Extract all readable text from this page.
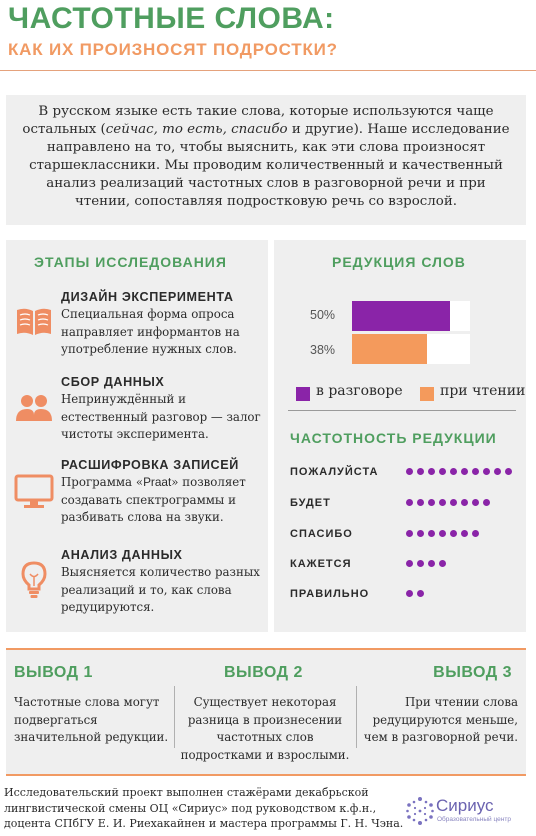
ЧАСТОТНЫЕ СЛОВА:
КАК ИХ ПРОИЗНОСЯТ ПОДРОСТКИ?
В русском языке есть такие слова, которые используются чаще остальных (сейчас, то есть, спасибо и другие). Наше исследование направлено на то, чтобы выяснить, как эти слова произносят старшеклассники. Мы проводим количественный и качественный анализ реализаций частотных слов в разговорной речи и при чтении, сопоставляя подростковую речь со взрослой.
ЭТАПЫ ИССЛЕДОВАНИЯ
ДИЗАЙН ЭКСПЕРИМЕНТА
Специальная форма опроса направляет информантов на употребление нужных слов.
СБОР ДАННЫХ
Непринуждённый и естественный разговор — залог чистоты эксперимента.
РАСШИФРОВКА ЗАПИСЕЙ
Программа «Praat» позволяет создавать спектрограммы и разбивать слова на звуки.
АНАЛИЗ ДАННЫХ
Выясняется количество разных реализаций и то, как слова редуцируются.
РЕДУКЦИЯ СЛОВ
50%
38%
в разговоре	при чтении
ЧАСТОТНОСТЬ РЕДУКЦИИ
ПОЖАЛУЙСТА
БУДЕТ
СПАСИБО
КАЖЕТСЯ
ПРАВИЛЬНО
ВЫВОД 1
Частотные слова могут подвергаться значительной редукции.
ВЫВОД 2
Существует некоторая разница в произнесении частотных слов подростками и взрослыми.
ВЫВОД 3
При чтении слова редуцируются меньше, чем в разговорной речи.
Исследовательский проект выполнен стажёрами декабрьской лингвистической смены ОЦ «Сириус» под руководством к.ф.н., доцента СПбГУ Е. И. Риехакайнен и мастера программы Г. Н. Чэна.
Сириус
Образовательный центр
